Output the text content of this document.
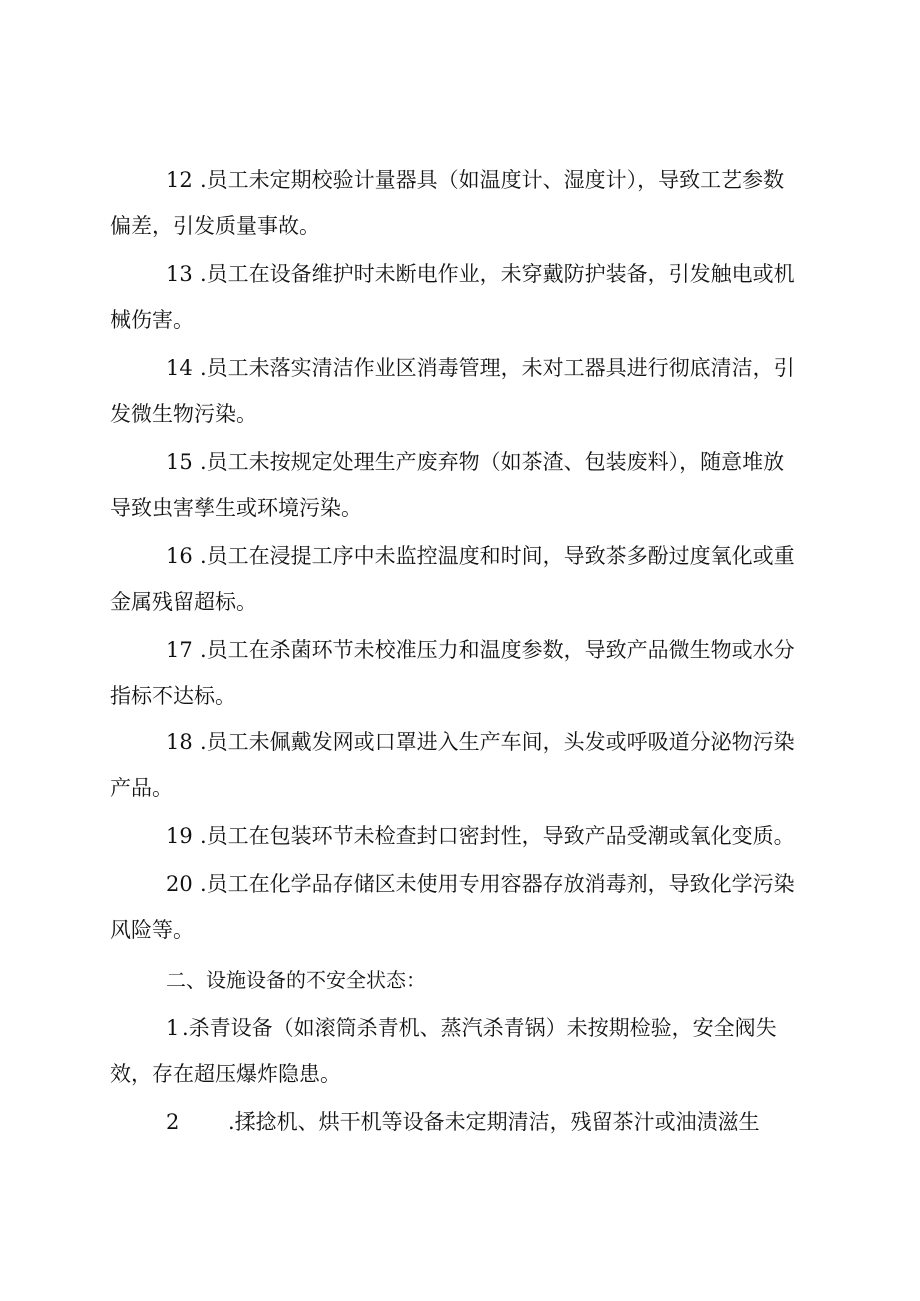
12 .员工未定期校验计量器具（如温度计、湿度计），导致工艺参数
偏差，引发质量事故。
13 .员工在设备维护时未断电作业，未穿戴防护装备，引发触电或机
械伤害。
14 .员工未落实清洁作业区消毒管理，未对工器具进行彻底清洁，引
发微生物污染。
15 .员工未按规定处理生产废弃物（如茶渣、包装废料），随意堆放
导致虫害孳生或环境污染。
16 .员工在浸提工序中未监控温度和时间，导致茶多酚过度氧化或重
金属残留超标。
17 .员工在杀菌环节未校准压力和温度参数，导致产品微生物或水分
指标不达标。
18 .员工未佩戴发网或口罩进入生产车间，头发或呼吸道分泌物污染
产品。
19 .员工在包装环节未检查封口密封性，导致产品受潮或氧化变质。
20 .员工在化学品存储区未使用专用容器存放消毒剂，导致化学污染
风险等。
二、设施设备的不安全状态：
1 .杀青设备（如滚筒杀青机、蒸汽杀青锅）未按期检验，安全阀失
效，存在超压爆炸隐患。
2 .揉捻机、烘干机等设备未定期清洁，残留茶汁或油渍滋生
